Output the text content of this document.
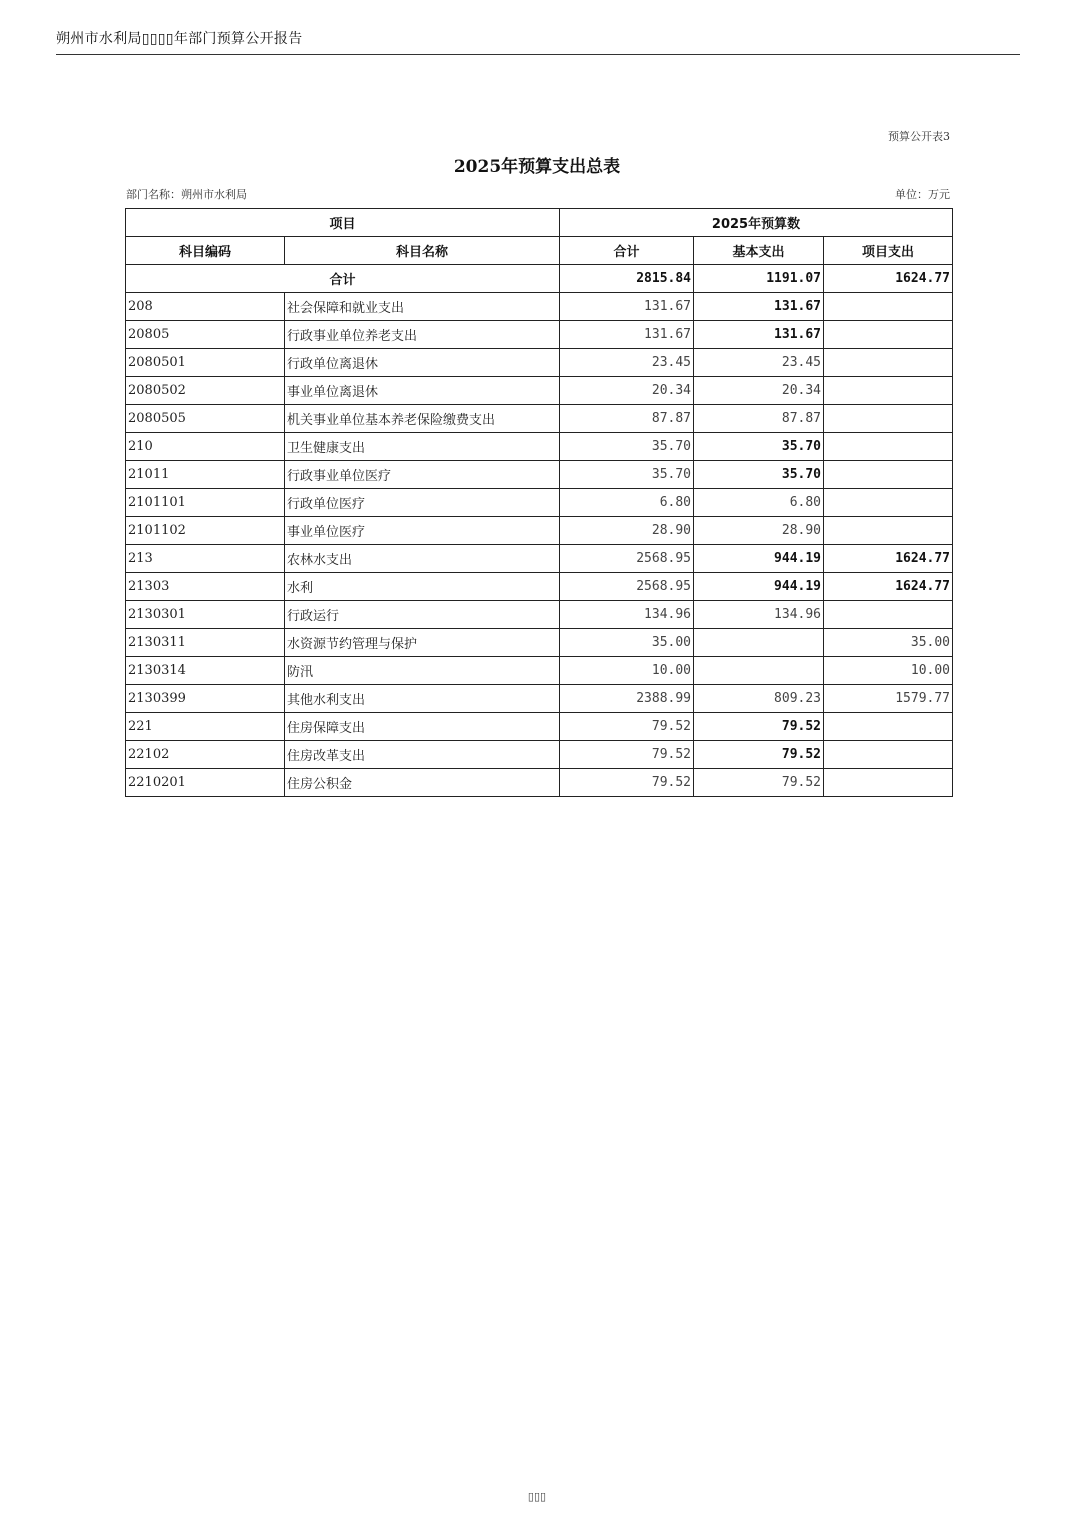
朔州市水利局▯▯▯▯年部门预算公开报告
预算公开表3
2025年预算支出总表
部门名称：朔州市水利局	单位：万元
项目		2025年预算数		
科目编码	科目名称	合计	基本支出	项目支出
合计		2815.84	1191.07	1624.77
208	社会保障和就业支出	131.67	131.67	
20805	行政事业单位养老支出	131.67	131.67	
2080501	行政单位离退休	23.45	23.45	
2080502	事业单位离退休	20.34	20.34	
2080505	机关事业单位基本养老保险缴费支出	87.87	87.87	
210	卫生健康支出	35.70	35.70	
21011	行政事业单位医疗	35.70	35.70	
2101101	行政单位医疗	6.80	6.80	
2101102	事业单位医疗	28.90	28.90	
213	农林水支出	2568.95	944.19	1624.77
21303	水利	2568.95	944.19	1624.77
2130301	行政运行	134.96	134.96	
2130311	水资源节约管理与保护	35.00		35.00
2130314	防汛	10.00		10.00
2130399	其他水利支出	2388.99	809.23	1579.77
221	住房保障支出	79.52	79.52	
22102	住房改革支出	79.52	79.52	
2210201	住房公积金	79.52	79.52	
▯▯▯
